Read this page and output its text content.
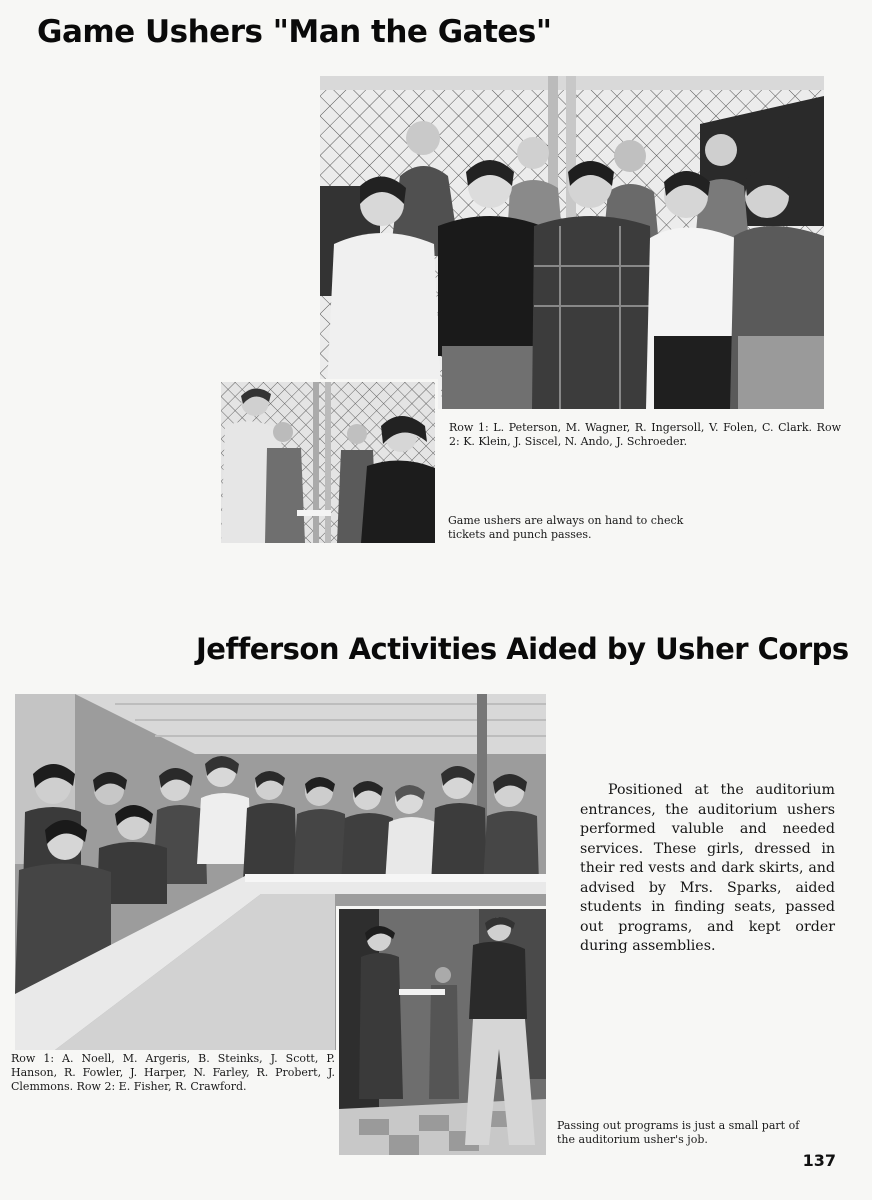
Game Ushers "Man the Gates"

Row 1: L. Peterson, M. Wagner, R. Ingersoll, V. Folen, C. Clark. Row 2: K. Klein, J. Siscel, N. Ando, J. Schroeder.

Game ushers are always on hand to check tickets and punch passes.

Jefferson Activities Aided by Usher Corps

Positioned at the auditorium entrances, the auditorium ushers performed valuble and needed services. These girls, dressed in their red vests and dark skirts, and advised by Mrs. Sparks, aided students in finding seats, passed out programs, and kept order during assemblies.

Row 1: A. Noell, M. Argeris, B. Steinks, J. Scott, P. Hanson, R. Fowler, J. Harper, N. Farley, R. Probert, J. Clemmons. Row 2: E. Fisher, R. Crawford.

Passing out programs is just a small part of the auditorium usher's job.

137
